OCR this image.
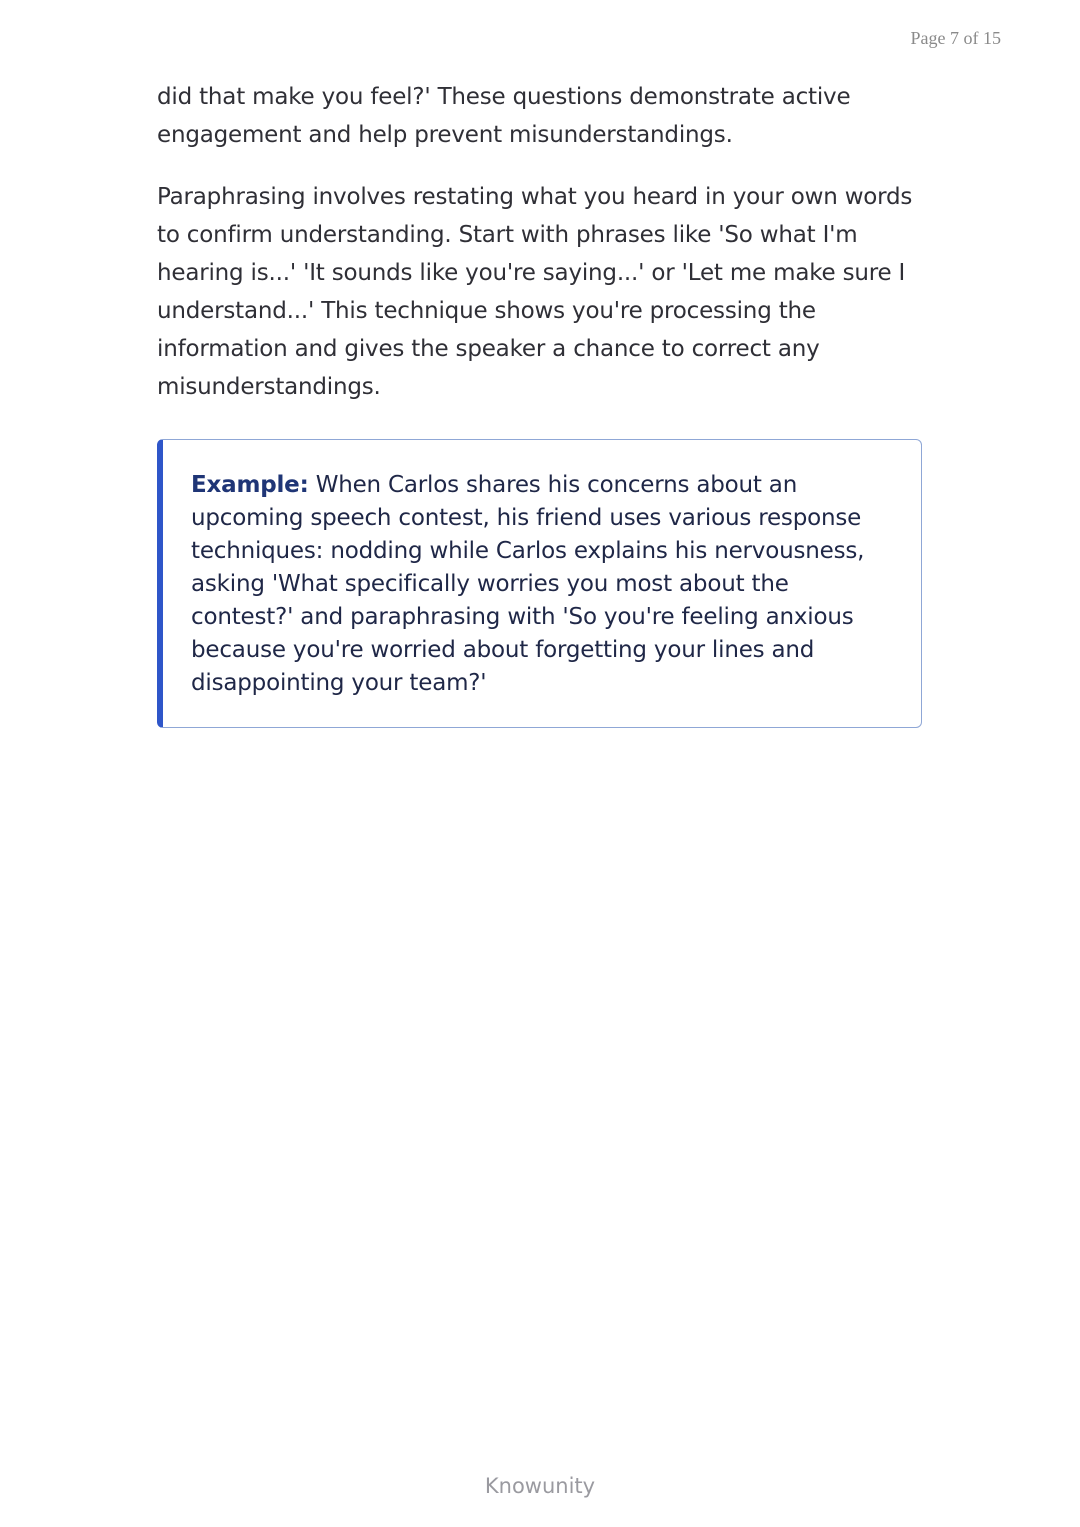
Page 7 of 15

did that make you feel?' These questions demonstrate active engagement and help prevent misunderstandings.

Paraphrasing involves restating what you heard in your own words to confirm understanding. Start with phrases like 'So what I'm hearing is...' 'It sounds like you're saying...' or 'Let me make sure I understand...' This technique shows you're processing the information and gives the speaker a chance to correct any misunderstandings.

Example: When Carlos shares his concerns about an upcoming speech contest, his friend uses various response techniques: nodding while Carlos explains his nervousness, asking 'What specifically worries you most about the contest?' and paraphrasing with 'So you're feeling anxious because you're worried about forgetting your lines and disappointing your team?'

Knowunity
